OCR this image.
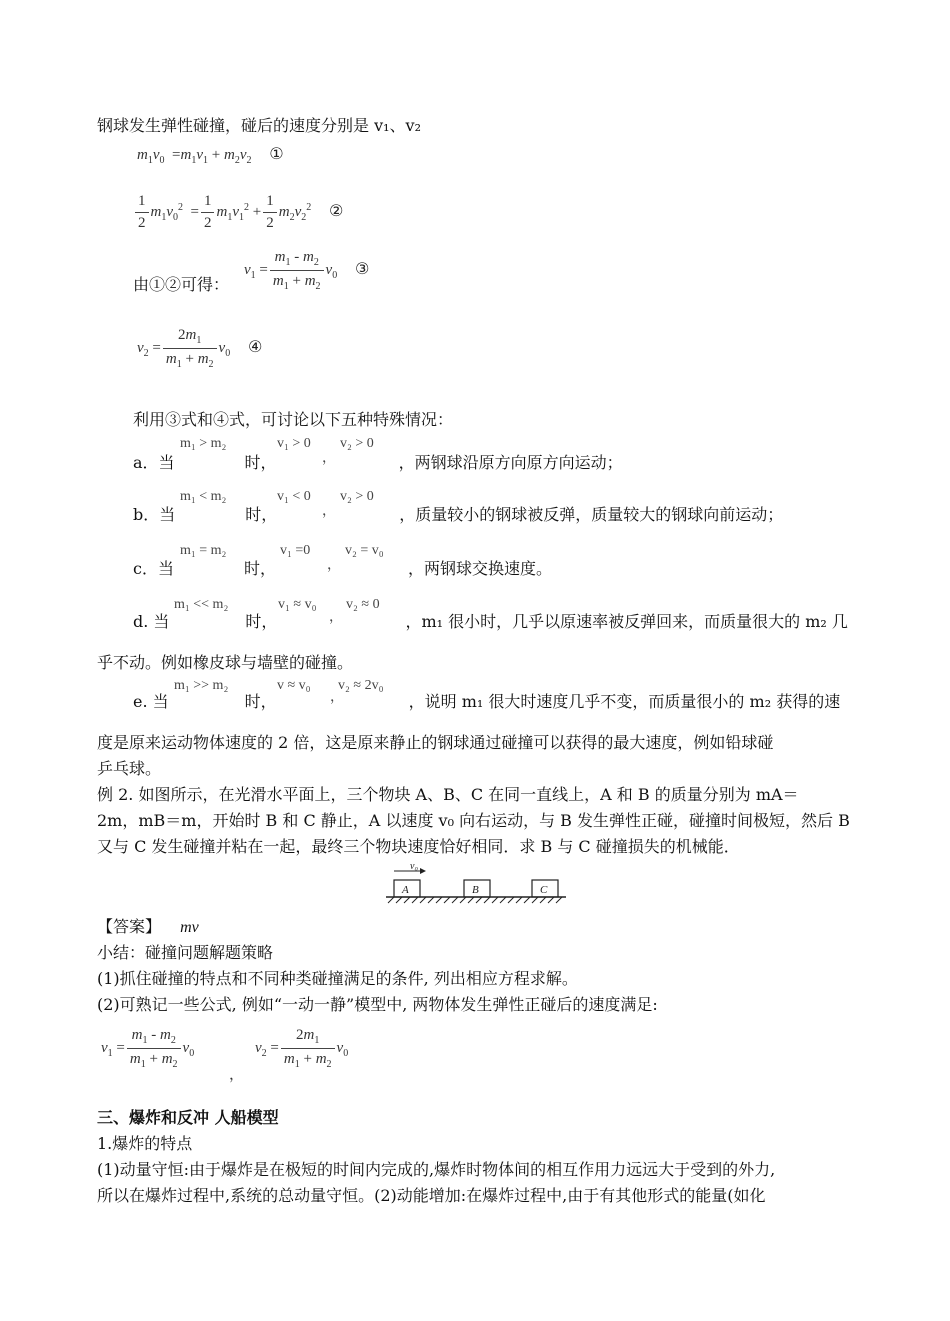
钢球发生弹性碰撞，碰后的速度分别是 v₁、v₂
$m_1v_0 =m_1v_1 + m_2v_2$ ①
$\frac{1}{2} m_1v_0^2 = \frac{1}{2} m_1v_1^2 + \frac{1}{2} m_2v_2^2$ ②
由①②可得：
$v_1 = \frac{m_1 - m_2}{m_1 + m_2} v_0$ ③
$v_2 = \frac{2m_1}{m_1 + m_2} v_0$ ④
利用③式和④式，可讨论以下五种特殊情况：
a．当	时，	，两钢球沿原方向原方向运动；
m₁ > m₂	v₁ > 0
，
v₂ > 0
b．当	时，	，质量较小的钢球被反弹，质量较大的钢球向前运动；
m₁ < m₂	v₁ < 0
，
v₂ > 0
c．当	时，	，两钢球交换速度。
m₁ = m₂	v₁ =0
，
v₂ = v₀
d. 当	时，	，m₁ 很小时，几乎以原速率被反弹回来，而质量很大的 m₂ 几
m₁ << m₂	v₁ ≈ v₀
，
v₂ ≈ 0
乎不动。例如橡皮球与墙壁的碰撞。
e. 当	时，	，说明 m₁ 很大时速度几乎不变，而质量很小的 m₂ 获得的速
m₁ >> m₂	v ≈ v₀
，
v₂ ≈ 2v₀
度是原来运动物体速度的 2 倍，这是原来静止的钢球通过碰撞可以获得的最大速度，例如铅球碰
乒乓球。
例 2. 如图所示，在光滑水平面上，三个物块 A、B、C 在同一直线上，A 和 B 的质量分别为 mA＝
2m，mB＝m，开始时 B 和 C 静止，A 以速度 v₀ 向右运动，与 B 发生弹性正碰，碰撞时间极短，然后 B
又与 C 发生碰撞并粘在一起，最终三个物块速度恰好相同．求 B 与 C 碰撞损失的机械能．
v₀
A	B	C
【答案】 mv
小结：碰撞问题解题策略
(1)抓住碰撞的特点和不同种类碰撞满足的条件, 列出相应方程求解。
(2)可熟记一些公式, 例如“一动一静”模型中, 两物体发生弹性正碰后的速度满足:
$v_1 = \frac{m_1 - m_2}{m_1 + m_2} v_0$
，
$v_2 = \frac{2m_1}{m_1 + m_2} v_0$
三、爆炸和反冲 人船模型
1.爆炸的特点
(1)动量守恒:由于爆炸是在极短的时间内完成的,爆炸时物体间的相互作用力远远大于受到的外力,
所以在爆炸过程中,系统的总动量守恒。(2)动能增加:在爆炸过程中,由于有其他形式的能量(如化
